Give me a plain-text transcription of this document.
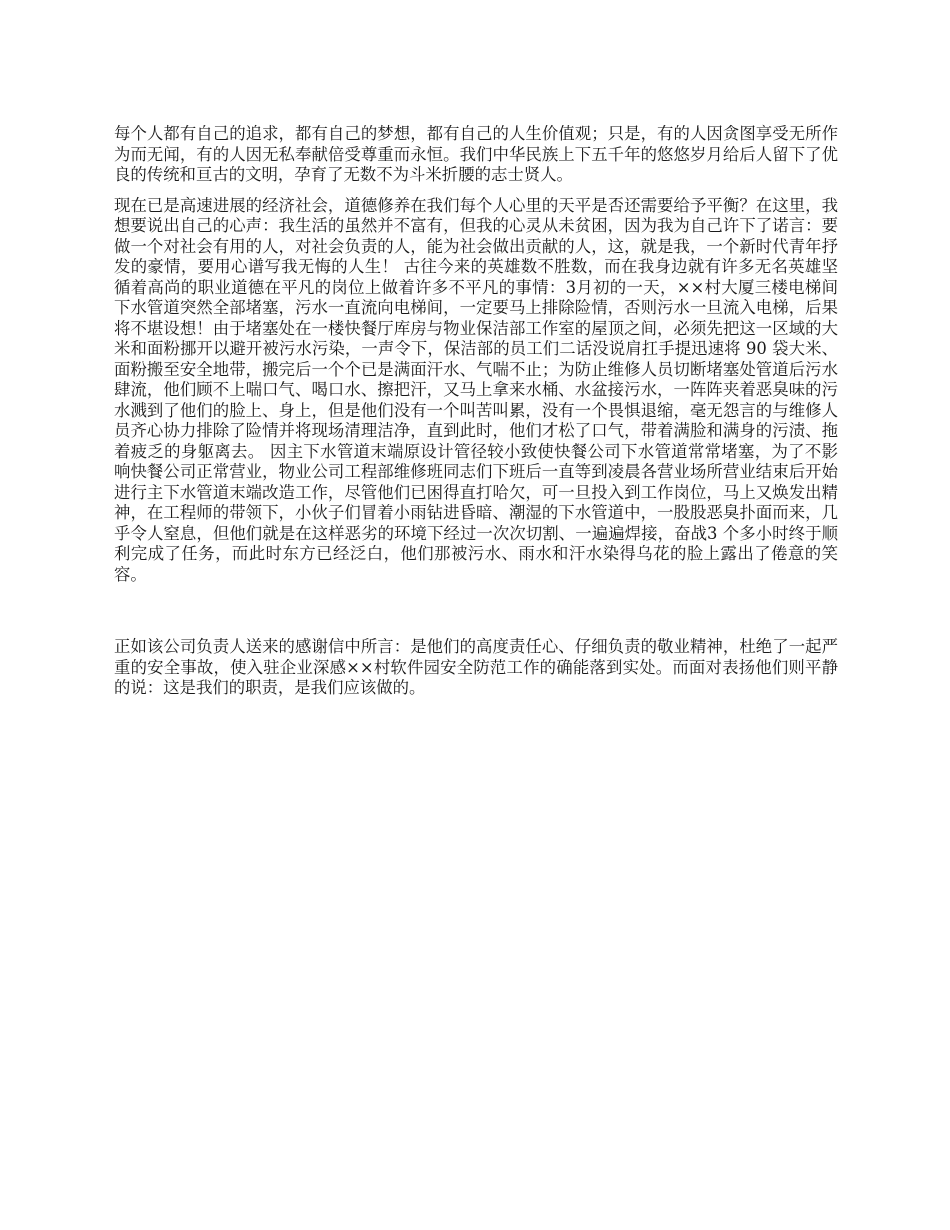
每个人都有自己的追求，都有自己的梦想，都有自己的人生价值观；只是，有的人因贪图享受无所作为而无闻，有的人因无私奉献倍受尊重而永恒。我们中华民族上下五千年的悠悠岁月给后人留下了优良的传统和亘古的文明，孕育了无数不为斗米折腰的志士贤人。

现在已是高速进展的经济社会，道德修养在我们每个人心里的天平是否还需要给予平衡？在这里，我想要说出自己的心声：我生活的虽然并不富有，但我的心灵从未贫困，因为我为自己许下了诺言：要做一个对社会有用的人，对社会负责的人，能为社会做出贡献的人，这，就是我，一个新时代青年抒发的豪情，要用心谱写我无悔的人生！ 古往今来的英雄数不胜数，而在我身边就有许多无名英雄坚循着高尚的职业道德在平凡的岗位上做着许多不平凡的事情：3月初的一天，××村大厦三楼电梯间下水管道突然全部堵塞，污水一直流向电梯间，一定要马上排除险情，否则污水一旦流入电梯，后果将不堪设想！由于堵塞处在一楼快餐厅库房与物业保洁部工作室的屋顶之间，必须先把这一区域的大米和面粉挪开以避开被污水污染，一声令下，保洁部的员工们二话没说肩扛手提迅速将 90 袋大米、面粉搬至安全地带，搬完后一个个已是满面汗水、气喘不止；为防止维修人员切断堵塞处管道后污水肆流，他们顾不上喘口气、喝口水、擦把汗，又马上拿来水桶、水盆接污水，一阵阵夹着恶臭味的污水溅到了他们的脸上、身上，但是他们没有一个叫苦叫累，没有一个畏惧退缩，毫无怨言的与维修人员齐心协力排除了险情并将现场清理洁净，直到此时，他们才松了口气，带着满脸和满身的污渍、拖着疲乏的身躯离去。 因主下水管道末端原设计管径较小致使快餐公司下水管道常常堵塞，为了不影响快餐公司正常营业，物业公司工程部维修班同志们下班后一直等到凌晨各营业场所营业结束后开始进行主下水管道末端改造工作，尽管他们已困得直打哈欠，可一旦投入到工作岗位，马上又焕发出精神，在工程师的带领下，小伙子们冒着小雨钻进昏暗、潮湿的下水管道中，一股股恶臭扑面而来，几乎令人窒息，但他们就是在这样恶劣的环境下经过一次次切割、一遍遍焊接，奋战3 个多小时终于顺利完成了任务，而此时东方已经泛白，他们那被污水、雨水和汗水染得乌花的脸上露出了倦意的笑容。

正如该公司负责人送来的感谢信中所言：是他们的高度责任心、仔细负责的敬业精神，杜绝了一起严重的安全事故，使入驻企业深感××村软件园安全防范工作的确能落到实处。而面对表扬他们则平静的说：这是我们的职责，是我们应该做的。
